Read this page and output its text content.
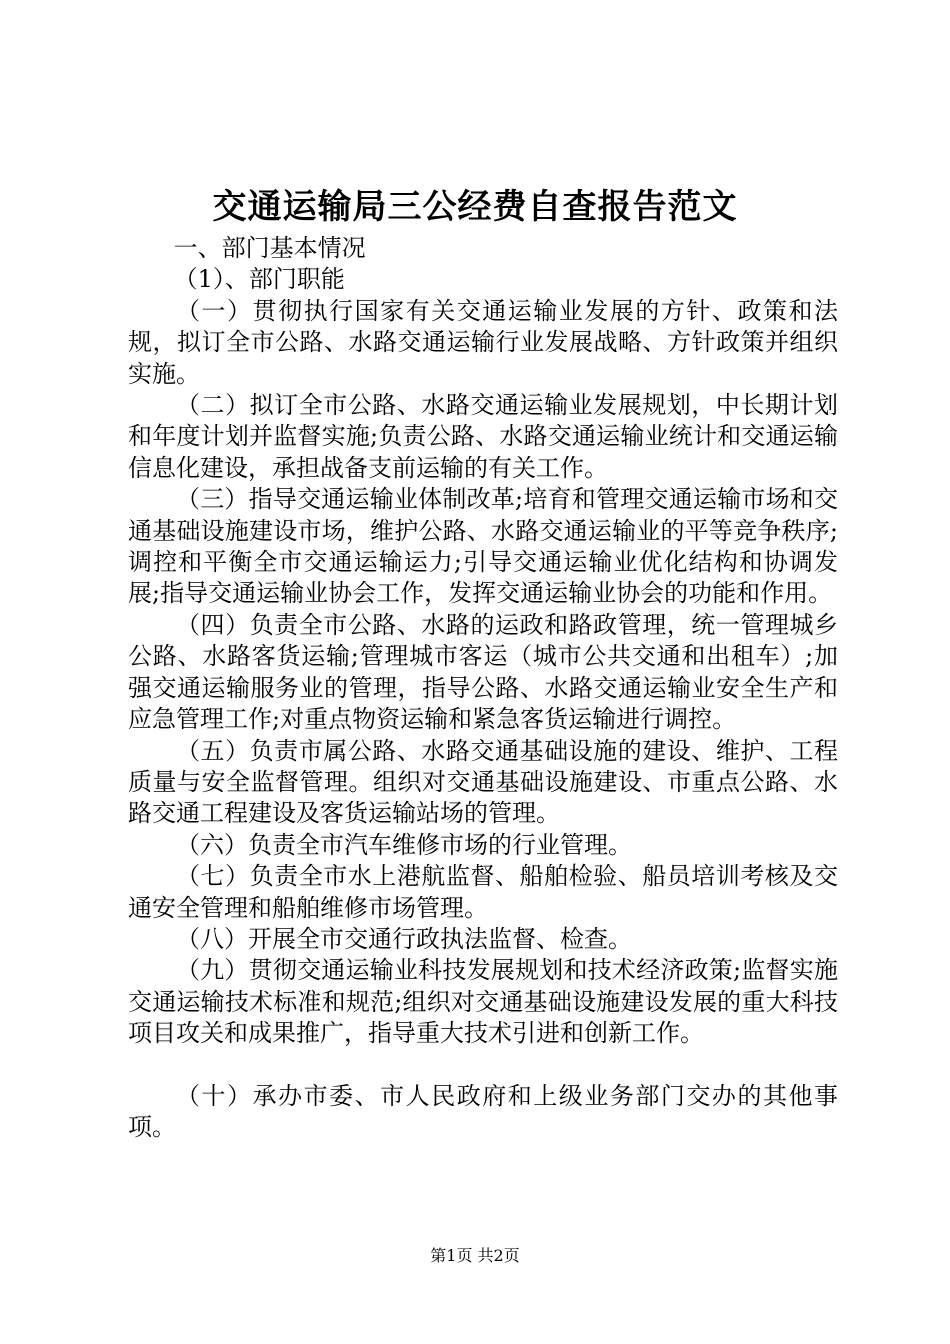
交通运输局三公经费自查报告范文

一、部门基本情况

（1）、部门职能

（一）贯彻执行国家有关交通运输业发展的方针、政策和法规，拟订全市公路、水路交通运输行业发展战略、方针政策并组织实施。

（二）拟订全市公路、水路交通运输业发展规划，中长期计划和年度计划并监督实施;负责公路、水路交通运输业统计和交通运输信息化建设，承担战备支前运输的有关工作。

（三）指导交通运输业体制改革;培育和管理交通运输市场和交通基础设施建设市场，维护公路、水路交通运输业的平等竞争秩序;调控和平衡全市交通运输运力;引导交通运输业优化结构和协调发展;指导交通运输业协会工作，发挥交通运输业协会的功能和作用。

（四）负责全市公路、水路的运政和路政管理，统一管理城乡公路、水路客货运输;管理城市客运（城市公共交通和出租车）;加强交通运输服务业的管理，指导公路、水路交通运输业安全生产和应急管理工作;对重点物资运输和紧急客货运输进行调控。

（五）负责市属公路、水路交通基础设施的建设、维护、工程质量与安全监督管理。组织对交通基础设施建设、市重点公路、水路交通工程建设及客货运输站场的管理。

（六）负责全市汽车维修市场的行业管理。

（七）负责全市水上港航监督、船舶检验、船员培训考核及交通安全管理和船舶维修市场管理。

（八）开展全市交通行政执法监督、检查。

（九）贯彻交通运输业科技发展规划和技术经济政策;监督实施交通运输技术标准和规范;组织对交通基础设施建设发展的重大科技项目攻关和成果推广，指导重大技术引进和创新工作。

（十）承办市委、市人民政府和上级业务部门交办的其他事项。

第1页 共2页
